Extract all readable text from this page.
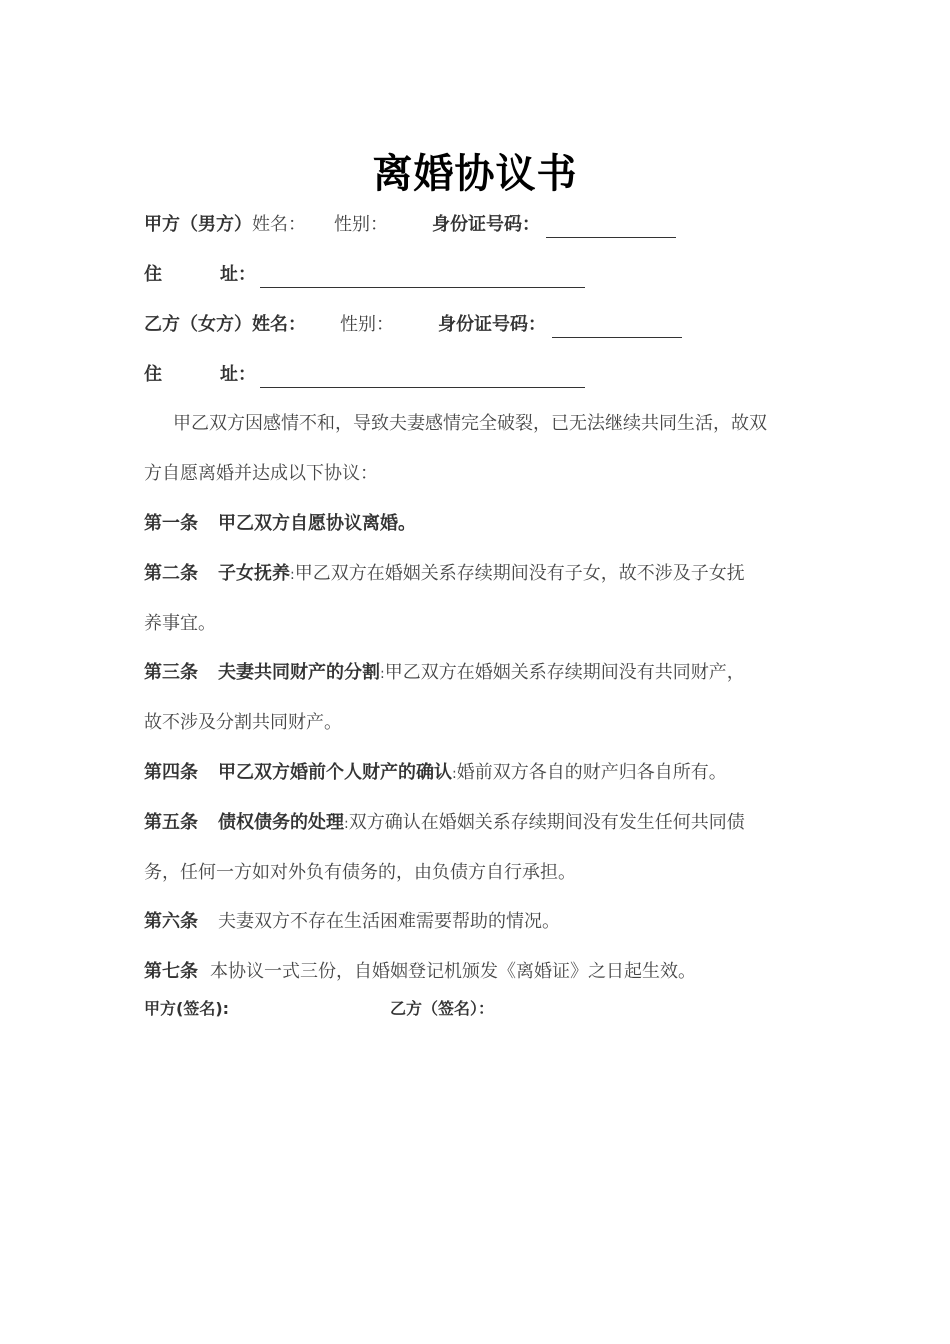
离婚协议书
甲方（男方）姓名： 性别： 身份证号码：
住	址：
乙方（女方）姓名： 性别： 身份证号码：
住	址：
甲乙双方因感情不和，导致夫妻感情完全破裂，已无法继续共同生活，故双
方自愿离婚并达成以下协议：
第一条 甲乙双方自愿协议离婚。
第二条 子女抚养:甲乙双方在婚姻关系存续期间没有子女，故不涉及子女抚
养事宜。
第三条 夫妻共同财产的分割:甲乙双方在婚姻关系存续期间没有共同财产，
故不涉及分割共同财产。
第四条 甲乙双方婚前个人财产的确认:婚前双方各自的财产归各自所有。
第五条 债权债务的处理:双方确认在婚姻关系存续期间没有发生任何共同债
务，任何一方如对外负有债务的，由负债方自行承担。
第六条 夫妻双方不存在生活困难需要帮助的情况。
第七条 本协议一式三份，自婚姻登记机颁发《离婚证》之日起生效。
甲方(签名):	乙方（签名）：
